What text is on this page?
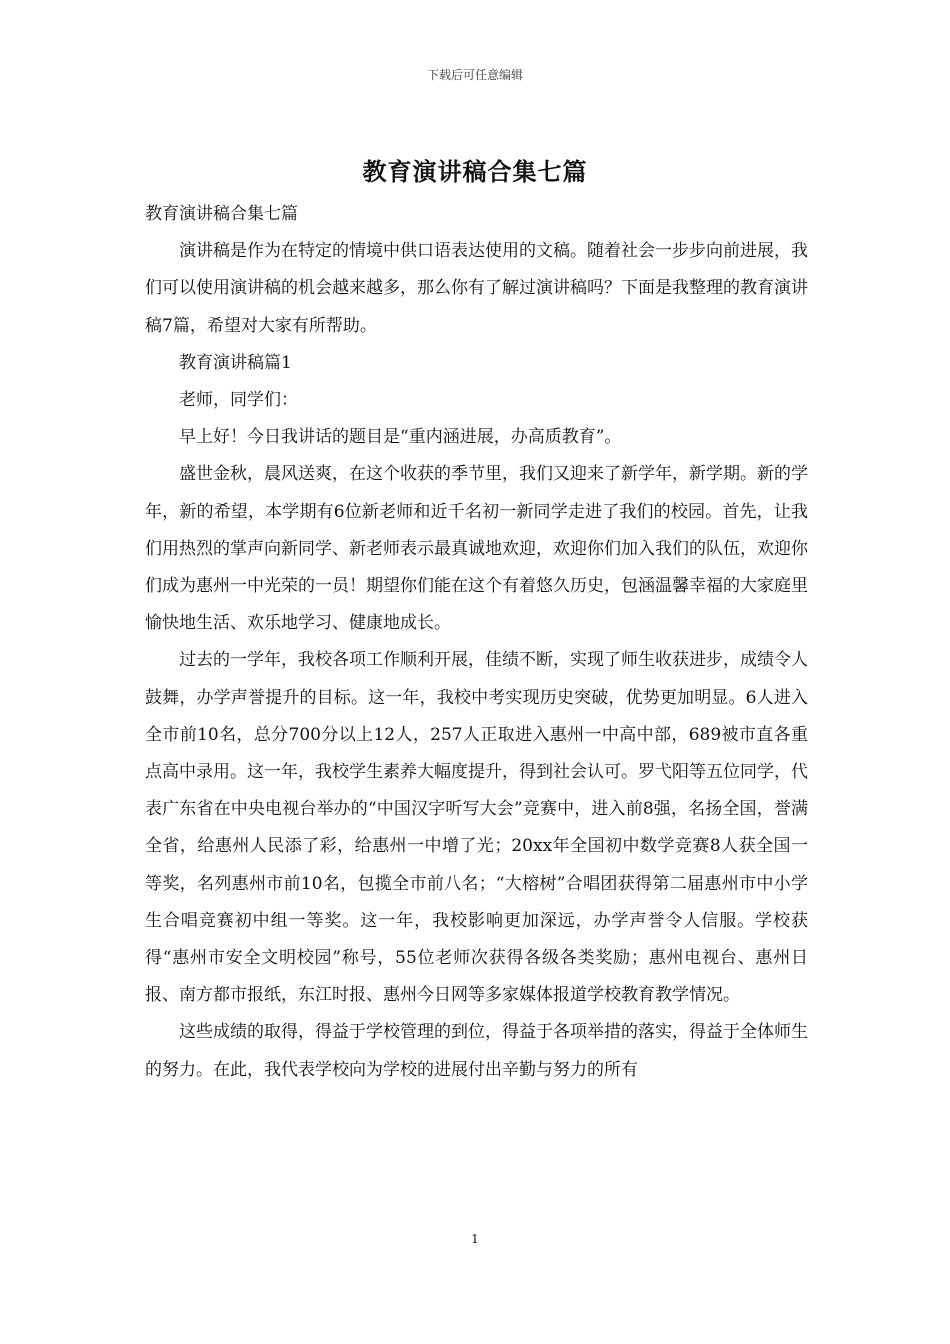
下载后可任意编辑
教育演讲稿合集七篇

教育演讲稿合集七篇

演讲稿是作为在特定的情境中供口语表达使用的文稿。随着社会一步步向前进展，我们可以使用演讲稿的机会越来越多，那么你有了解过演讲稿吗？下面是我整理的教育演讲稿7篇，希望对大家有所帮助。

教育演讲稿篇1

老师，同学们：

早上好！今日我讲话的题目是“重内涵进展，办高质教育”。

盛世金秋，晨风送爽，在这个收获的季节里，我们又迎来了新学年，新学期。新的学年，新的希望，本学期有6位新老师和近千名初一新同学走进了我们的校园。首先，让我们用热烈的掌声向新同学、新老师表示最真诚地欢迎，欢迎你们加入我们的队伍，欢迎你们成为惠州一中光荣的一员！期望你们能在这个有着悠久历史，包涵温馨幸福的大家庭里愉快地生活、欢乐地学习、健康地成长。

过去的一学年，我校各项工作顺利开展，佳绩不断，实现了师生收获进步，成绩令人鼓舞，办学声誉提升的目标。这一年，我校中考实现历史突破，优势更加明显。6人进入全市前10名，总分700分以上12人，257人正取进入惠州一中高中部，689被市直各重点高中录用。这一年，我校学生素养大幅度提升，得到社会认可。罗弋阳等五位同学，代表广东省在中央电视台举办的“中国汉字听写大会”竞赛中，进入前8强，名扬全国，誉满全省，给惠州人民添了彩，给惠州一中增了光；20xx年全国初中数学竞赛8人获全国一等奖，名列惠州市前10名，包揽全市前八名；“大榕树”合唱团获得第二届惠州市中小学生合唱竞赛初中组一等奖。这一年，我校影响更加深远，办学声誉令人信服。学校获得“惠州市安全文明校园”称号，55位老师次获得各级各类奖励；惠州电视台、惠州日报、南方都市报纸，东江时报、惠州今日网等多家媒体报道学校教育教学情况。

这些成绩的取得，得益于学校管理的到位，得益于各项举措的落实，得益于全体师生的努力。在此，我代表学校向为学校的进展付出辛勤与努力的所有

1
